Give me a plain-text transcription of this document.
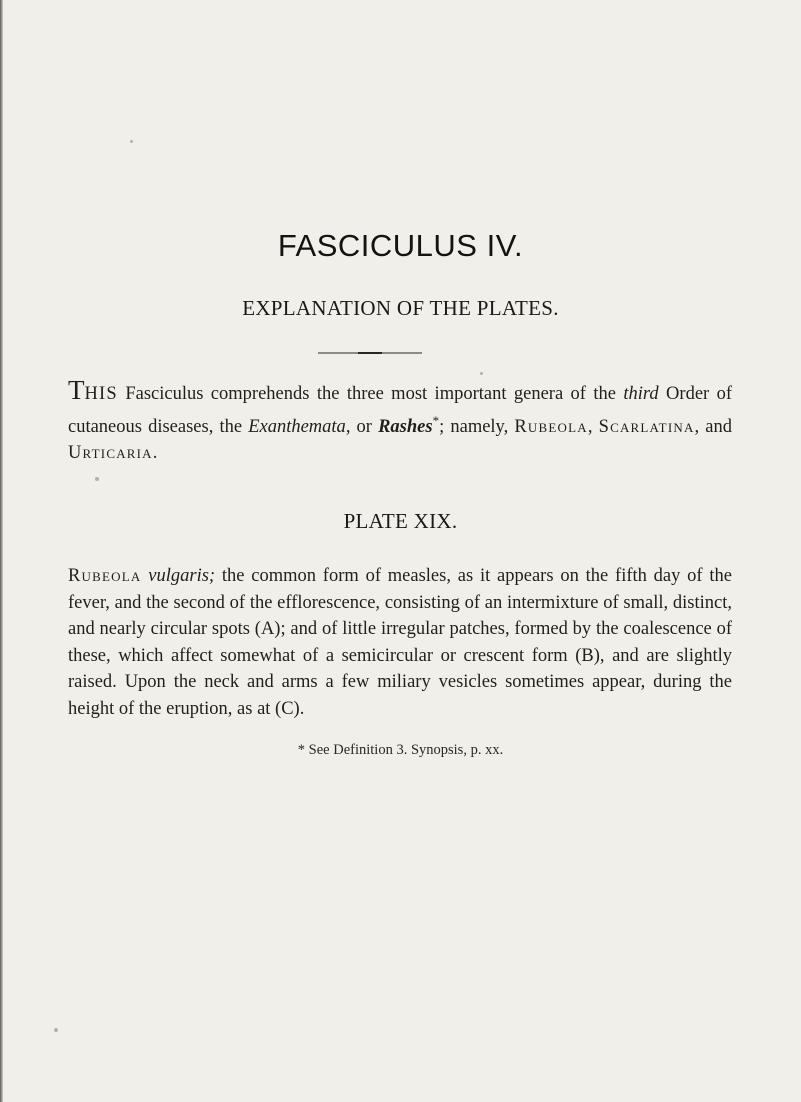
FASCICULUS IV.
EXPLANATION OF THE PLATES.

THIS Fasciculus comprehends the three most important genera of the third Order of cutaneous diseases, the Exanthemata, or Rashes*; namely, Rubeola, Scarlatina, and Urticaria.

PLATE XIX.

Rubeola vulgaris; the common form of measles, as it appears on the fifth day of the fever, and the second of the efflorescence, consisting of an intermixture of small, distinct, and nearly circular spots (A); and of little irregular patches, formed by the coalescence of these, which affect somewhat of a semicircular or crescent form (B), and are slightly raised. Upon the neck and arms a few miliary vesicles sometimes appear, during the height of the eruption, as at (C).

* See Definition 3. Synopsis, p. xx.
